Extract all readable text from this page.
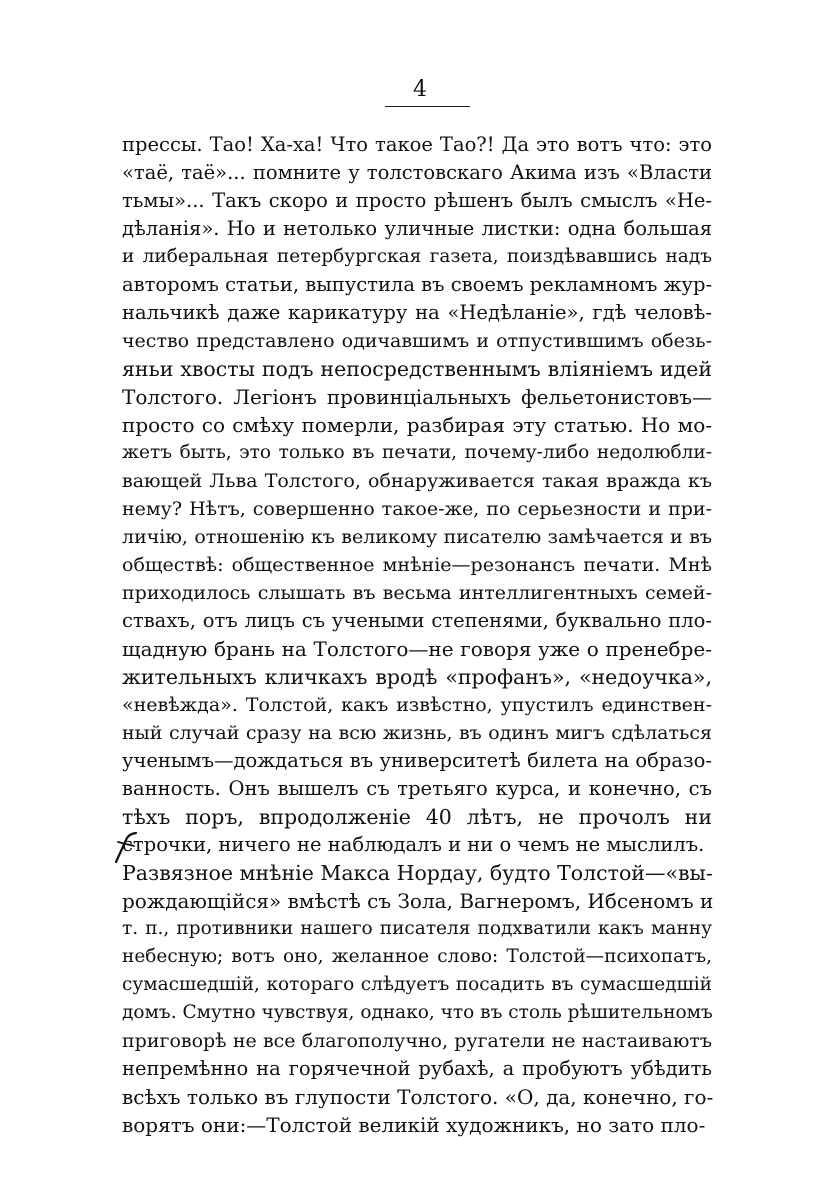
4
прессы. Тао! Ха-ха! Что такое Тао?! Да это вотъ что: это
«таё, таё»... помните у толстовскаго Акима изъ «Власти
тьмы»... Такъ скоро и просто рѣшенъ былъ смыслъ «Не-
дѣланія». Но и нетолько уличные листки: одна большая
и либеральная петербургская газета, поиздѣвавшись надъ
авторомъ статьи, выпустила въ своемъ рекламномъ жур-
нальчикѣ даже карикатуру на «Недѣланіе», гдѣ человѣ-
чество представлено одичавшимъ и отпустившимъ обезь-
яньи хвосты подъ непосредственнымъ вліяніемъ идей
Толстого. Легіонъ провинціальныхъ фельетонистовъ—
просто со смѣху померли, разбирая эту статью. Но мо-
жетъ быть, это только въ печати, почему-либо недолюбли-
вающей Льва Толстого, обнаруживается такая вражда къ
нему? Нѣтъ, совершенно такое-же, по серьезности и при-
личію, отношенію къ великому писателю замѣчается и въ
обществѣ: общественное мнѣніе—резонансъ печати. Мнѣ
приходилось слышать въ весьма интеллигентныхъ семей-
ствахъ, отъ лицъ съ учеными степенями, буквально пло-
щадную брань на Толстого—не говоря уже о пренебре-
жительныхъ кличкахъ вродѣ «профанъ», «недоучка»,
«невѣжда». Толстой, какъ извѣстно, упустилъ единствен-
ный случай сразу на всю жизнь, въ одинъ мигъ сдѣлаться
ученымъ—дождаться въ университетѣ билета на образо-
ванность. Онъ вышелъ съ третьяго курса, и конечно, съ
тѣхъ поръ, впродолженіе 40 лѣтъ, не прочолъ ни
строчки, ничего не наблюдалъ и ни о чемъ не мыслилъ.
Развязное мнѣніе Макса Нордау, будто Толстой—«вы-
рождающійся» вмѣстѣ съ Зола, Вагнеромъ, Ибсеномъ и
т. п., противники нашего писателя подхватили какъ манну
небесную; вотъ оно, желанное слово: Толстой—психопатъ,
сумасшедшій, котораго слѣдуетъ посадить въ сумасшедшій
домъ. Смутно чувствуя, однако, что въ столь рѣшительномъ
приговорѣ не все благополучно, ругатели не настаиваютъ
непремѣнно на горячечной рубахѣ, а пробуютъ убѣдить
всѣхъ только въ глупости Толстого. «О, да, конечно, го-
ворятъ они:—Толстой великій художникъ, но зато пло-
